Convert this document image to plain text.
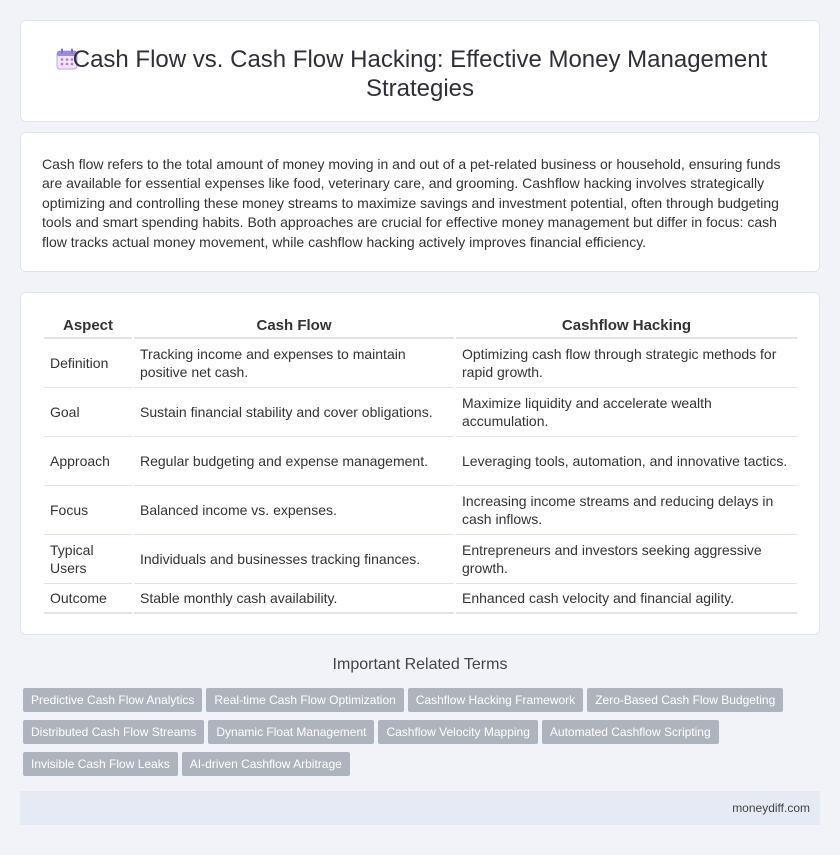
Cash Flow vs. Cash Flow Hacking: Effective Money Management Strategies

Cash flow refers to the total amount of money moving in and out of a pet-related business or household, ensuring funds are available for essential expenses like food, veterinary care, and grooming. Cashflow hacking involves strategically optimizing and controlling these money streams to maximize savings and investment potential, often through budgeting tools and smart spending habits. Both approaches are crucial for effective money management but differ in focus: cash flow tracks actual money movement, while cashflow hacking actively improves financial efficiency.

Aspect	Cash Flow	Cashflow Hacking
Definition	Tracking income and expenses to maintain positive net cash.	Optimizing cash flow through strategic methods for rapid growth.
Goal	Sustain financial stability and cover obligations.	Maximize liquidity and accelerate wealth accumulation.
Approach	Regular budgeting and expense management.	Leveraging tools, automation, and innovative tactics.
Focus	Balanced income vs. expenses.	Increasing income streams and reducing delays in cash inflows.
Typical Users	Individuals and businesses tracking finances.	Entrepreneurs and investors seeking aggressive growth.
Outcome	Stable monthly cash availability.	Enhanced cash velocity and financial agility.
Important Related Terms
Predictive Cash Flow Analytics Real-time Cash Flow Optimization Cashflow Hacking Framework Zero-Based Cash Flow BudgetingDistributed Cash Flow Streams Dynamic Float Management Cashflow Velocity Mapping Automated Cashflow ScriptingInvisible Cash Flow Leaks AI-driven Cashflow Arbitrage
moneydiff.com
